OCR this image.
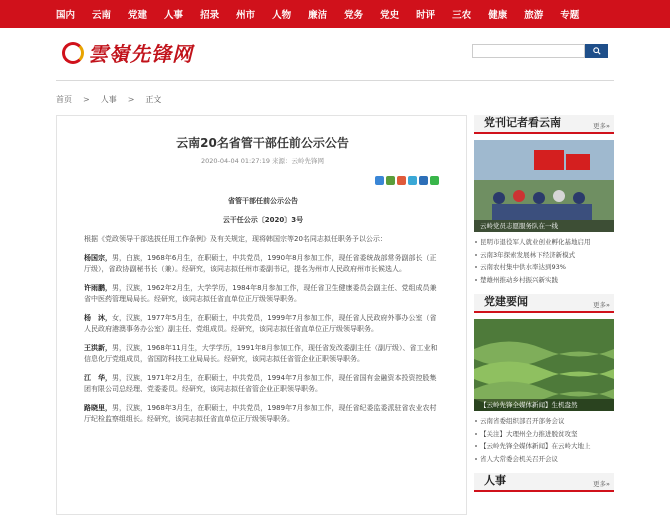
国内 云南 党建 人事 招录 州市 人物 廉洁 党务 党史 时评 三农 健康 旅游 专题
雲嶺先锋网
首页 > 人事 > 正文
云南20名省管干部任前公示公告
2020-04-04 01:27:19 来源：云岭先锋网

省管干部任前公示公告

云干任公示〔2020〕3号

根据《党政领导干部选拔任用工作条例》及有关规定，现将韩国宗等20名同志拟任职务予以公示：

杨国宗，男，白族，1968年6月生，在职硕士，中共党员，1990年8月参加工作，现任省委统战部常务副部长（正厅级），省政协副秘书长（兼）。经研究，该同志拟任州市委副书记，提名为州市人民政府州市长候选人。

许雨鹏，男，汉族，1962年2月生，大学学历，1984年8月参加工作，现任省卫生健康委员会副主任、党组成员兼省中医药管理局局长。经研究，该同志拟任省直单位正厅级领导职务。

杨　沐，女，汉族，1977年5月生，在职硕士，中共党员，1999年7月参加工作，现任省人民政府外事办公室（省人民政府港澳事务办公室）副主任、党组成员。经研究，该同志拟任省直单位正厅级领导职务。

王洪新，男，汉族，1968年11月生，大学学历，1991年8月参加工作，现任省发改委副主任（副厅级）、省工业和信息化厅党组成员，省国防科技工业局局长。经研究，该同志拟任省管企业正职领导职务。

江　华，男，汉族，1971年2月生，在职硕士，中共党员，1994年7月参加工作，现任省国有金融资本投资控股集团有限公司总经理、党委委员。经研究，该同志拟任省管企业正职领导职务。

路晓里，男，汉族，1968年3月生，在职硕士，中共党员，1989年7月参加工作，现任省纪委监委派驻省农业农村厅纪检监察组组长。经研究，该同志拟任省直单位正厅级领导职务。

党刊记者看云南	更多»
云岭党员志愿服务队在一线
昆明市退役军人就业创业孵化基地启用
云南3年探索发展林下经济新模式
云南农村集中供水率达到93%
楚雄州推动乡村振兴新实践
党建要闻	更多»
【云岭先锋全媒体新闻】生机盎然
云南省委组织部召开部务会议
【关注】大理州全力推进脱贫攻坚
【云岭先锋全媒体新闻】在云岭大地上
省人大常委会机关召开会议
人事	更多»
